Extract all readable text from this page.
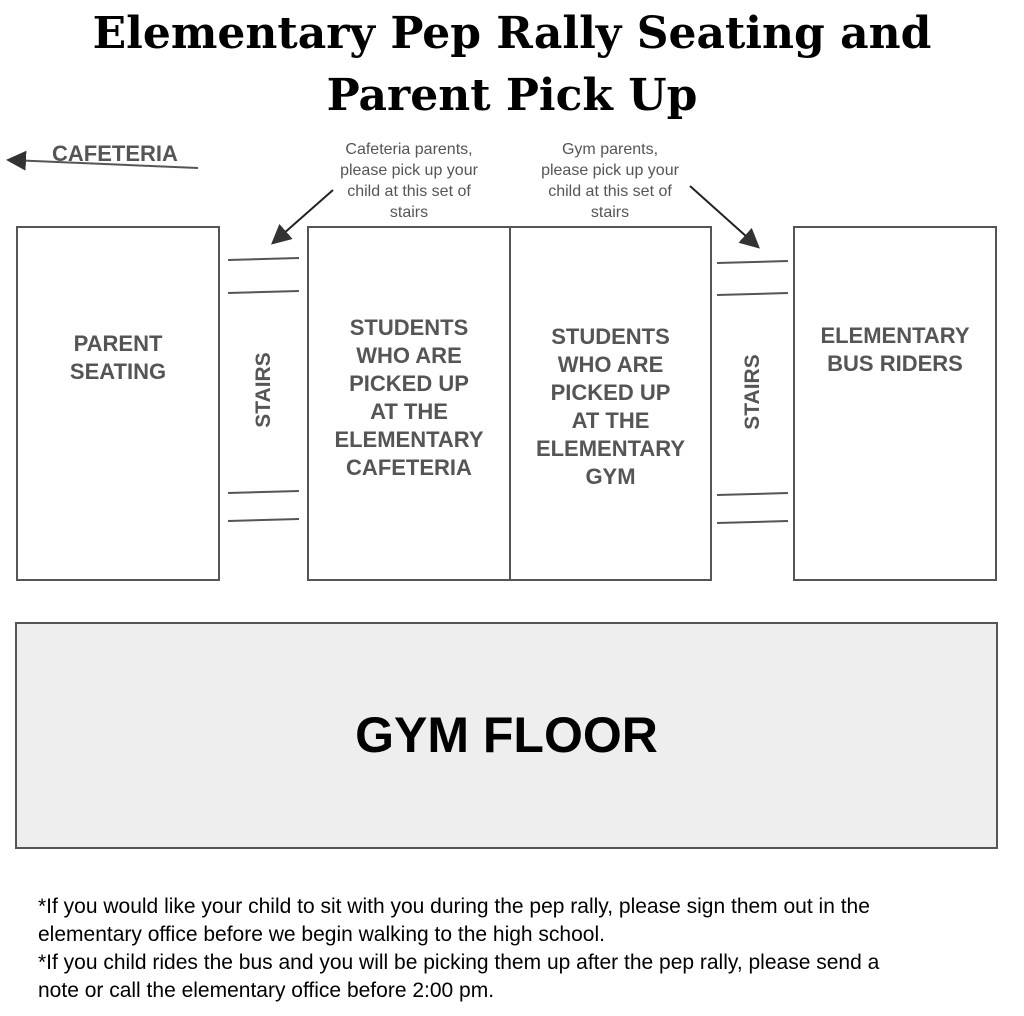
Elementary Pep Rally Seating and
Parent Pick Up
CAFETERIA	Cafeteria parents,
please pick up your
child at this set of
stairs
Gym parents,
please pick up your
child at this set of
stairs
PARENT
SEATING	STAIRS
STUDENTS
WHO ARE
PICKED UP
AT THE
ELEMENTARY
CAFETERIA
STUDENTS
WHO ARE
PICKED UP
AT THE
ELEMENTARY
GYM
STAIRS
ELEMENTARY
BUS RIDERS
GYM FLOOR
*If you would like your child to sit with you during the pep rally, please sign them out in the
elementary office before we begin walking to the high school.
*If you child rides the bus and you will be picking them up after the pep rally, please send a
note or call the elementary office before 2:00 pm.
